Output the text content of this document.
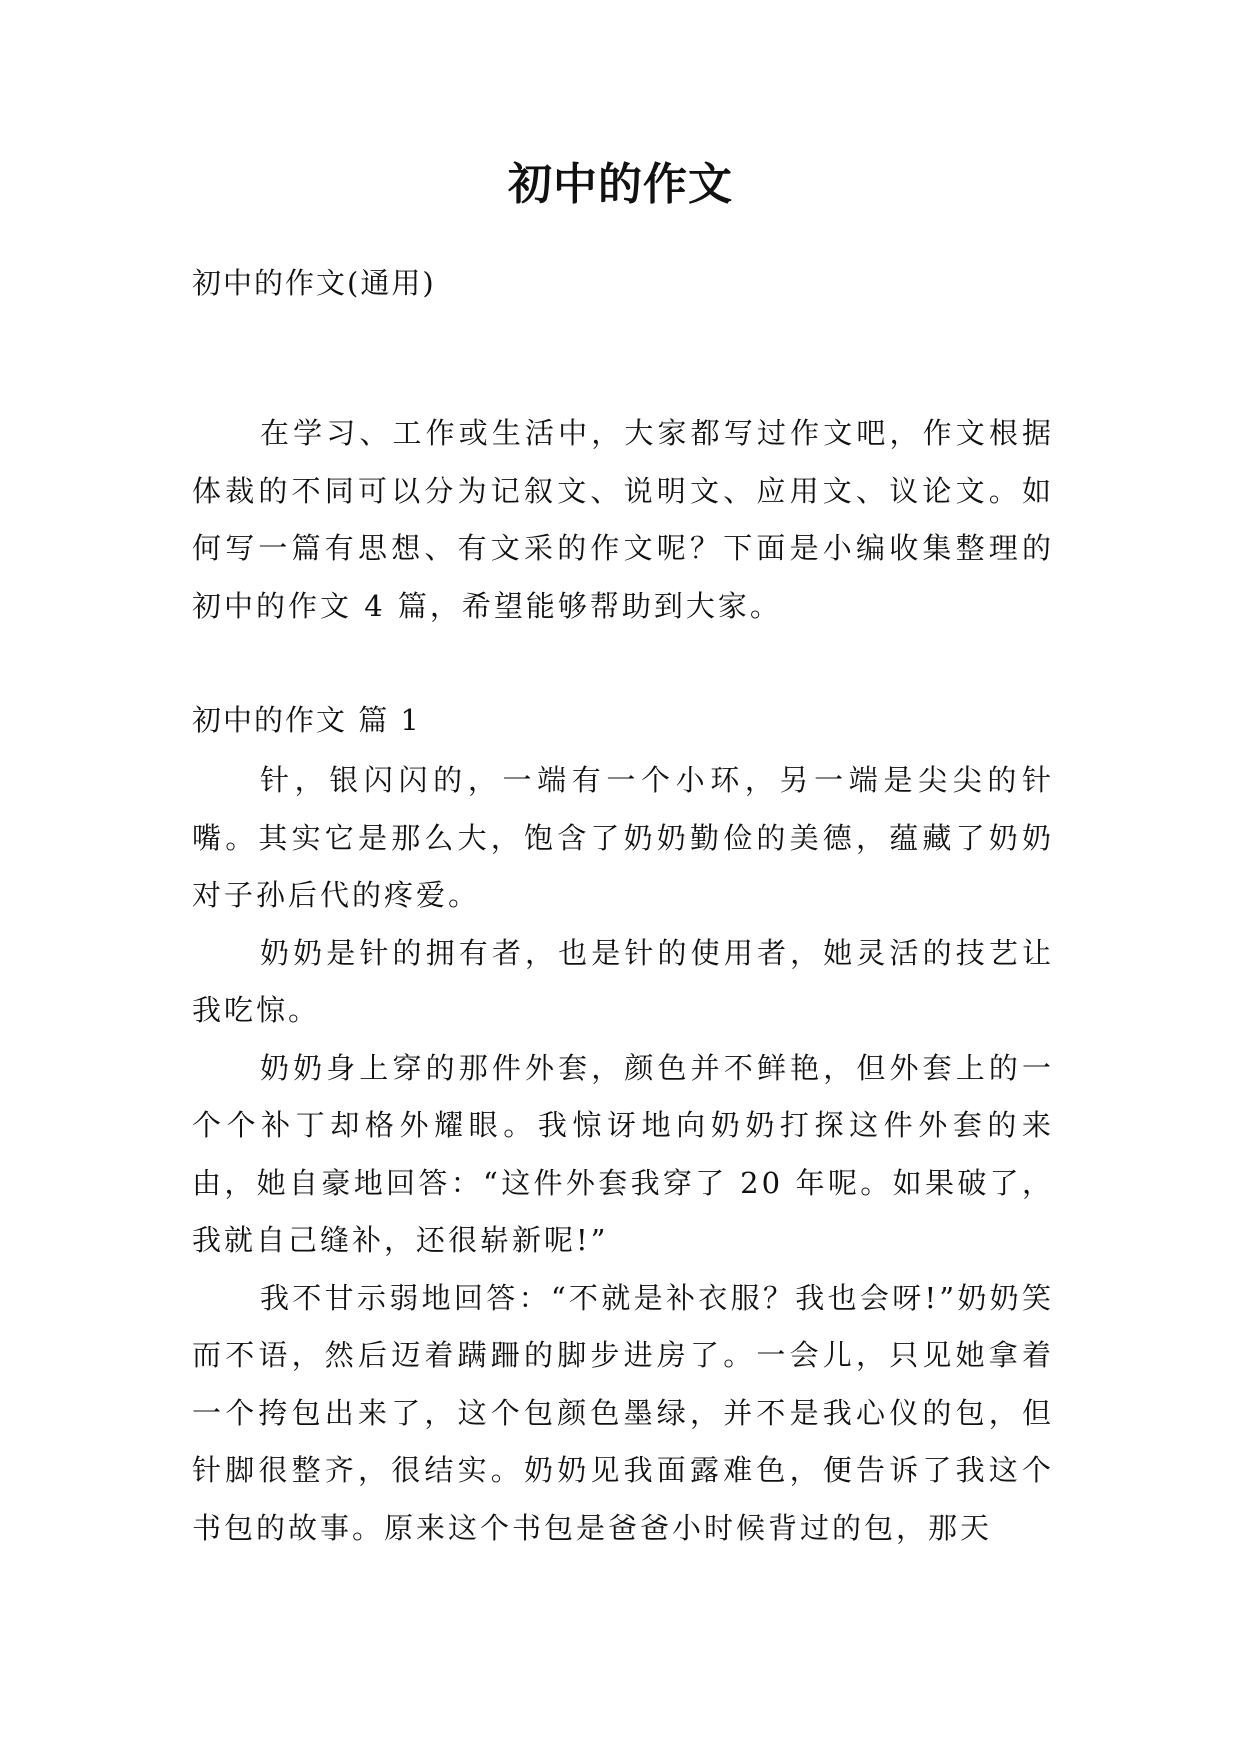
初中的作文
初中的作文(通用)

在学习、工作或生活中，大家都写过作文吧，作文根据体裁的不同可以分为记叙文、说明文、应用文、议论文。如何写一篇有思想、有文采的作文呢？下面是小编收集整理的初中的作文 4 篇，希望能够帮助到大家。

初中的作文 篇 1

针，银闪闪的，一端有一个小环，另一端是尖尖的针嘴。其实它是那么大，饱含了奶奶勤俭的美德，蕴藏了奶奶对子孙后代的疼爱。

奶奶是针的拥有者，也是针的使用者，她灵活的技艺让我吃惊。

奶奶身上穿的那件外套，颜色并不鲜艳，但外套上的一个个补丁却格外耀眼。我惊讶地向奶奶打探这件外套的来由，她自豪地回答：“这件外套我穿了 20 年呢。如果破了，我就自己缝补，还很崭新呢!”

我不甘示弱地回答：“不就是补衣服？我也会呀!”奶奶笑而不语，然后迈着蹒跚的脚步进房了。一会儿，只见她拿着一个挎包出来了，这个包颜色墨绿，并不是我心仪的包，但针脚很整齐，很结实。奶奶见我面露难色，便告诉了我这个书包的故事。原来这个书包是爸爸小时候背过的包，那天
